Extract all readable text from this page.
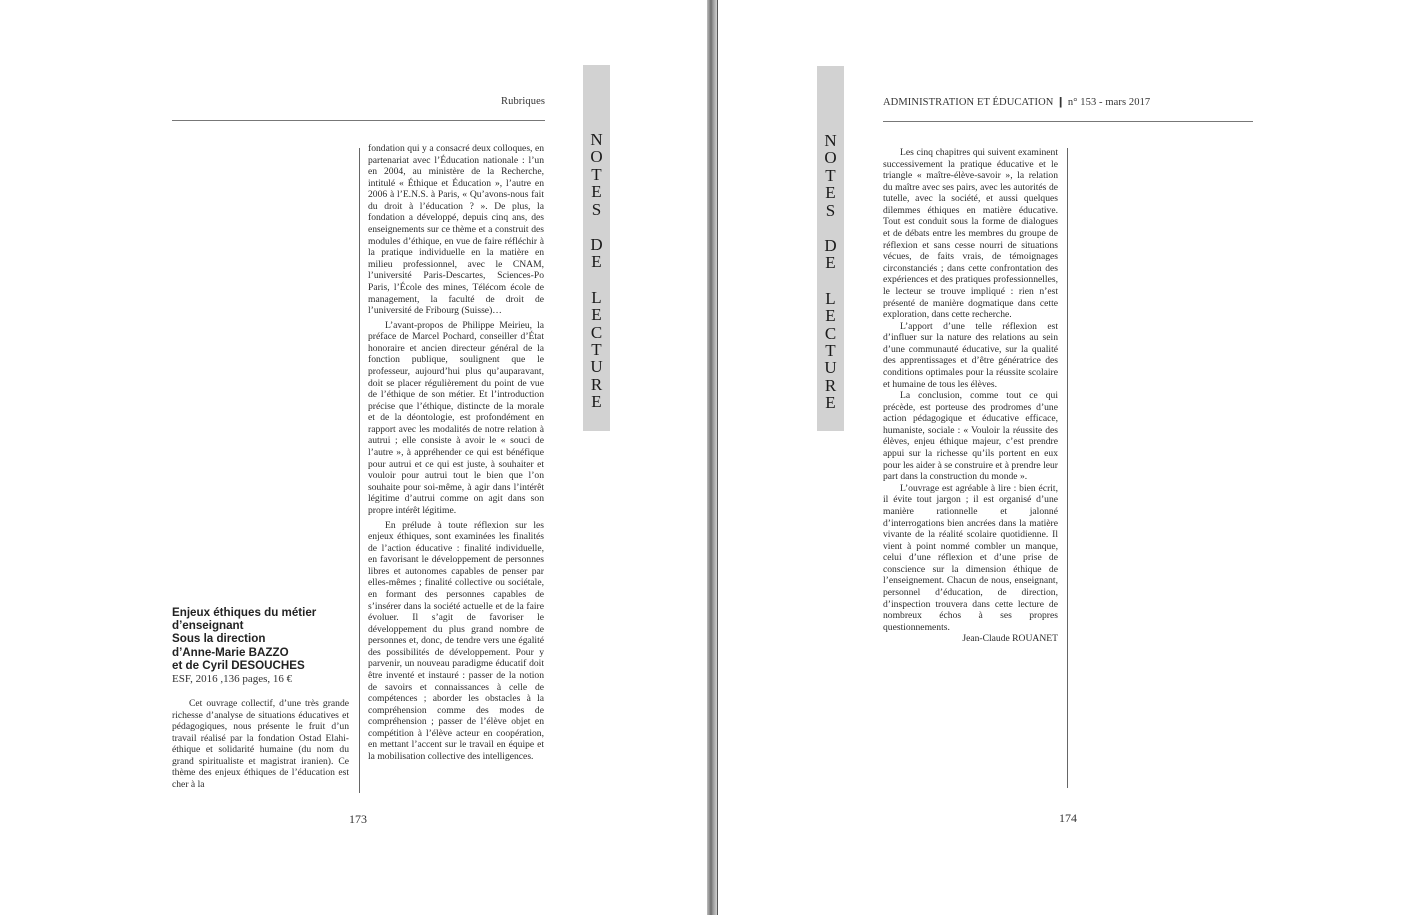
Rubriques
N
O
T
E
S
D
E
L
E
C
T
U
R
E
Enjeux éthiques du métier
d’enseignant
Sous la direction
d’Anne-Marie BAZZO
et de Cyril DESOUCHES
ESF, 2016 ,136 pages, 16 €

Cet ouvrage collectif, d’une très grande richesse d’analyse de situations éducatives et pédagogiques, nous présente le fruit d’un travail réalisé par la fondation Ostad Elahi-éthique et solidarité humaine (du nom du grand spiritualiste et magistrat iranien). Ce thème des enjeux éthiques de l’éducation est cher à la

fondation qui y a consacré deux colloques, en partenariat avec l’Éducation nationale : l’un en 2004, au ministère de la Recherche, intitulé « Éthique et Éducation », l’autre en 2006 à l’E.N.S. à Paris, « Qu’avons-nous fait du droit à l’éducation ? ». De plus, la fondation a développé, depuis cinq ans, des enseignements sur ce thème et a construit des modules d’éthique, en vue de faire réfléchir à la pratique individuelle en la matière en milieu professionnel, avec le CNAM, l’université Paris-Descartes, Sciences-Po Paris, l’École des mines, Télécom école de management, la faculté de droit de l’université de Fribourg (Suisse)…

L’avant-propos de Philippe Meirieu, la préface de Marcel Pochard, conseiller d’État honoraire et ancien directeur général de la fonction publique, soulignent que le professeur, aujourd’hui plus qu’auparavant, doit se placer régulièrement du point de vue de l’éthique de son métier. Et l’introduction précise que l’éthique, distincte de la morale et de la déontologie, est profondément en rapport avec les modalités de notre relation à autrui ; elle consiste à avoir le « souci de l’autre », à appréhender ce qui est bénéfique pour autrui et ce qui est juste, à souhaiter et vouloir pour autrui tout le bien que l’on souhaite pour soi-même, à agir dans l’intérêt légitime d’autrui comme on agit dans son propre intérêt légitime.

En prélude à toute réflexion sur les enjeux éthiques, sont examinées les finalités de l’action éducative : finalité individuelle, en favorisant le développement de personnes libres et autonomes capables de penser par elles-mêmes ; finalité collective ou sociétale, en formant des personnes capables de s’insérer dans la société actuelle et de la faire évoluer. Il s’agit de favoriser le développement du plus grand nombre de personnes et, donc, de tendre vers une égalité des possibilités de développement. Pour y parvenir, un nouveau paradigme éducatif doit être inventé et instauré : passer de la notion de savoirs et connaissances à celle de compétences ; aborder les obstacles à la compréhension comme des modes de compréhension ; passer de l’élève objet en compétition à l’élève acteur en coopération, en mettant l’accent sur le travail en équipe et la mobilisation collective des intelligences.

173
ADMINISTRATION ET ÉDUCATION ❙ n° 153 - mars 2017
N
O
T
E
S
D
E
L
E
C
T
U
R
E

Les cinq chapitres qui suivent examinent successivement la pratique éducative et le triangle « maître-élève-savoir », la relation du maître avec ses pairs, avec les autorités de tutelle, avec la société, et aussi quelques dilemmes éthiques en matière éducative. Tout est conduit sous la forme de dialogues et de débats entre les membres du groupe de réflexion et sans cesse nourri de situations vécues, de faits vrais, de témoignages circonstanciés ; dans cette confrontation des expériences et des pratiques professionnelles, le lecteur se trouve impliqué : rien n’est présenté de manière dogmatique dans cette exploration, dans cette recherche.

L’apport d’une telle réflexion est d’influer sur la nature des relations au sein d’une communauté éducative, sur la qualité des apprentissages et d’être génératrice des conditions optimales pour la réussite scolaire et humaine de tous les élèves.

La conclusion, comme tout ce qui précède, est porteuse des prodromes d’une action pédagogique et éducative efficace, humaniste, sociale : « Vouloir la réussite des élèves, enjeu éthique majeur, c’est prendre appui sur la richesse qu’ils portent en eux pour les aider à se construire et à prendre leur part dans la construction du monde ».

L’ouvrage est agréable à lire : bien écrit, il évite tout jargon ; il est organisé d’une manière rationnelle et jalonné d’interrogations bien ancrées dans la matière vivante de la réalité scolaire quotidienne. Il vient à point nommé combler un manque, celui d’une réflexion et d’une prise de conscience sur la dimension éthique de l’enseignement. Chacun de nous, enseignant, personnel d’éducation, de direction, d’inspection trouvera dans cette lecture de nombreux échos à ses propres questionnements.

Jean-Claude ROUANET

174
